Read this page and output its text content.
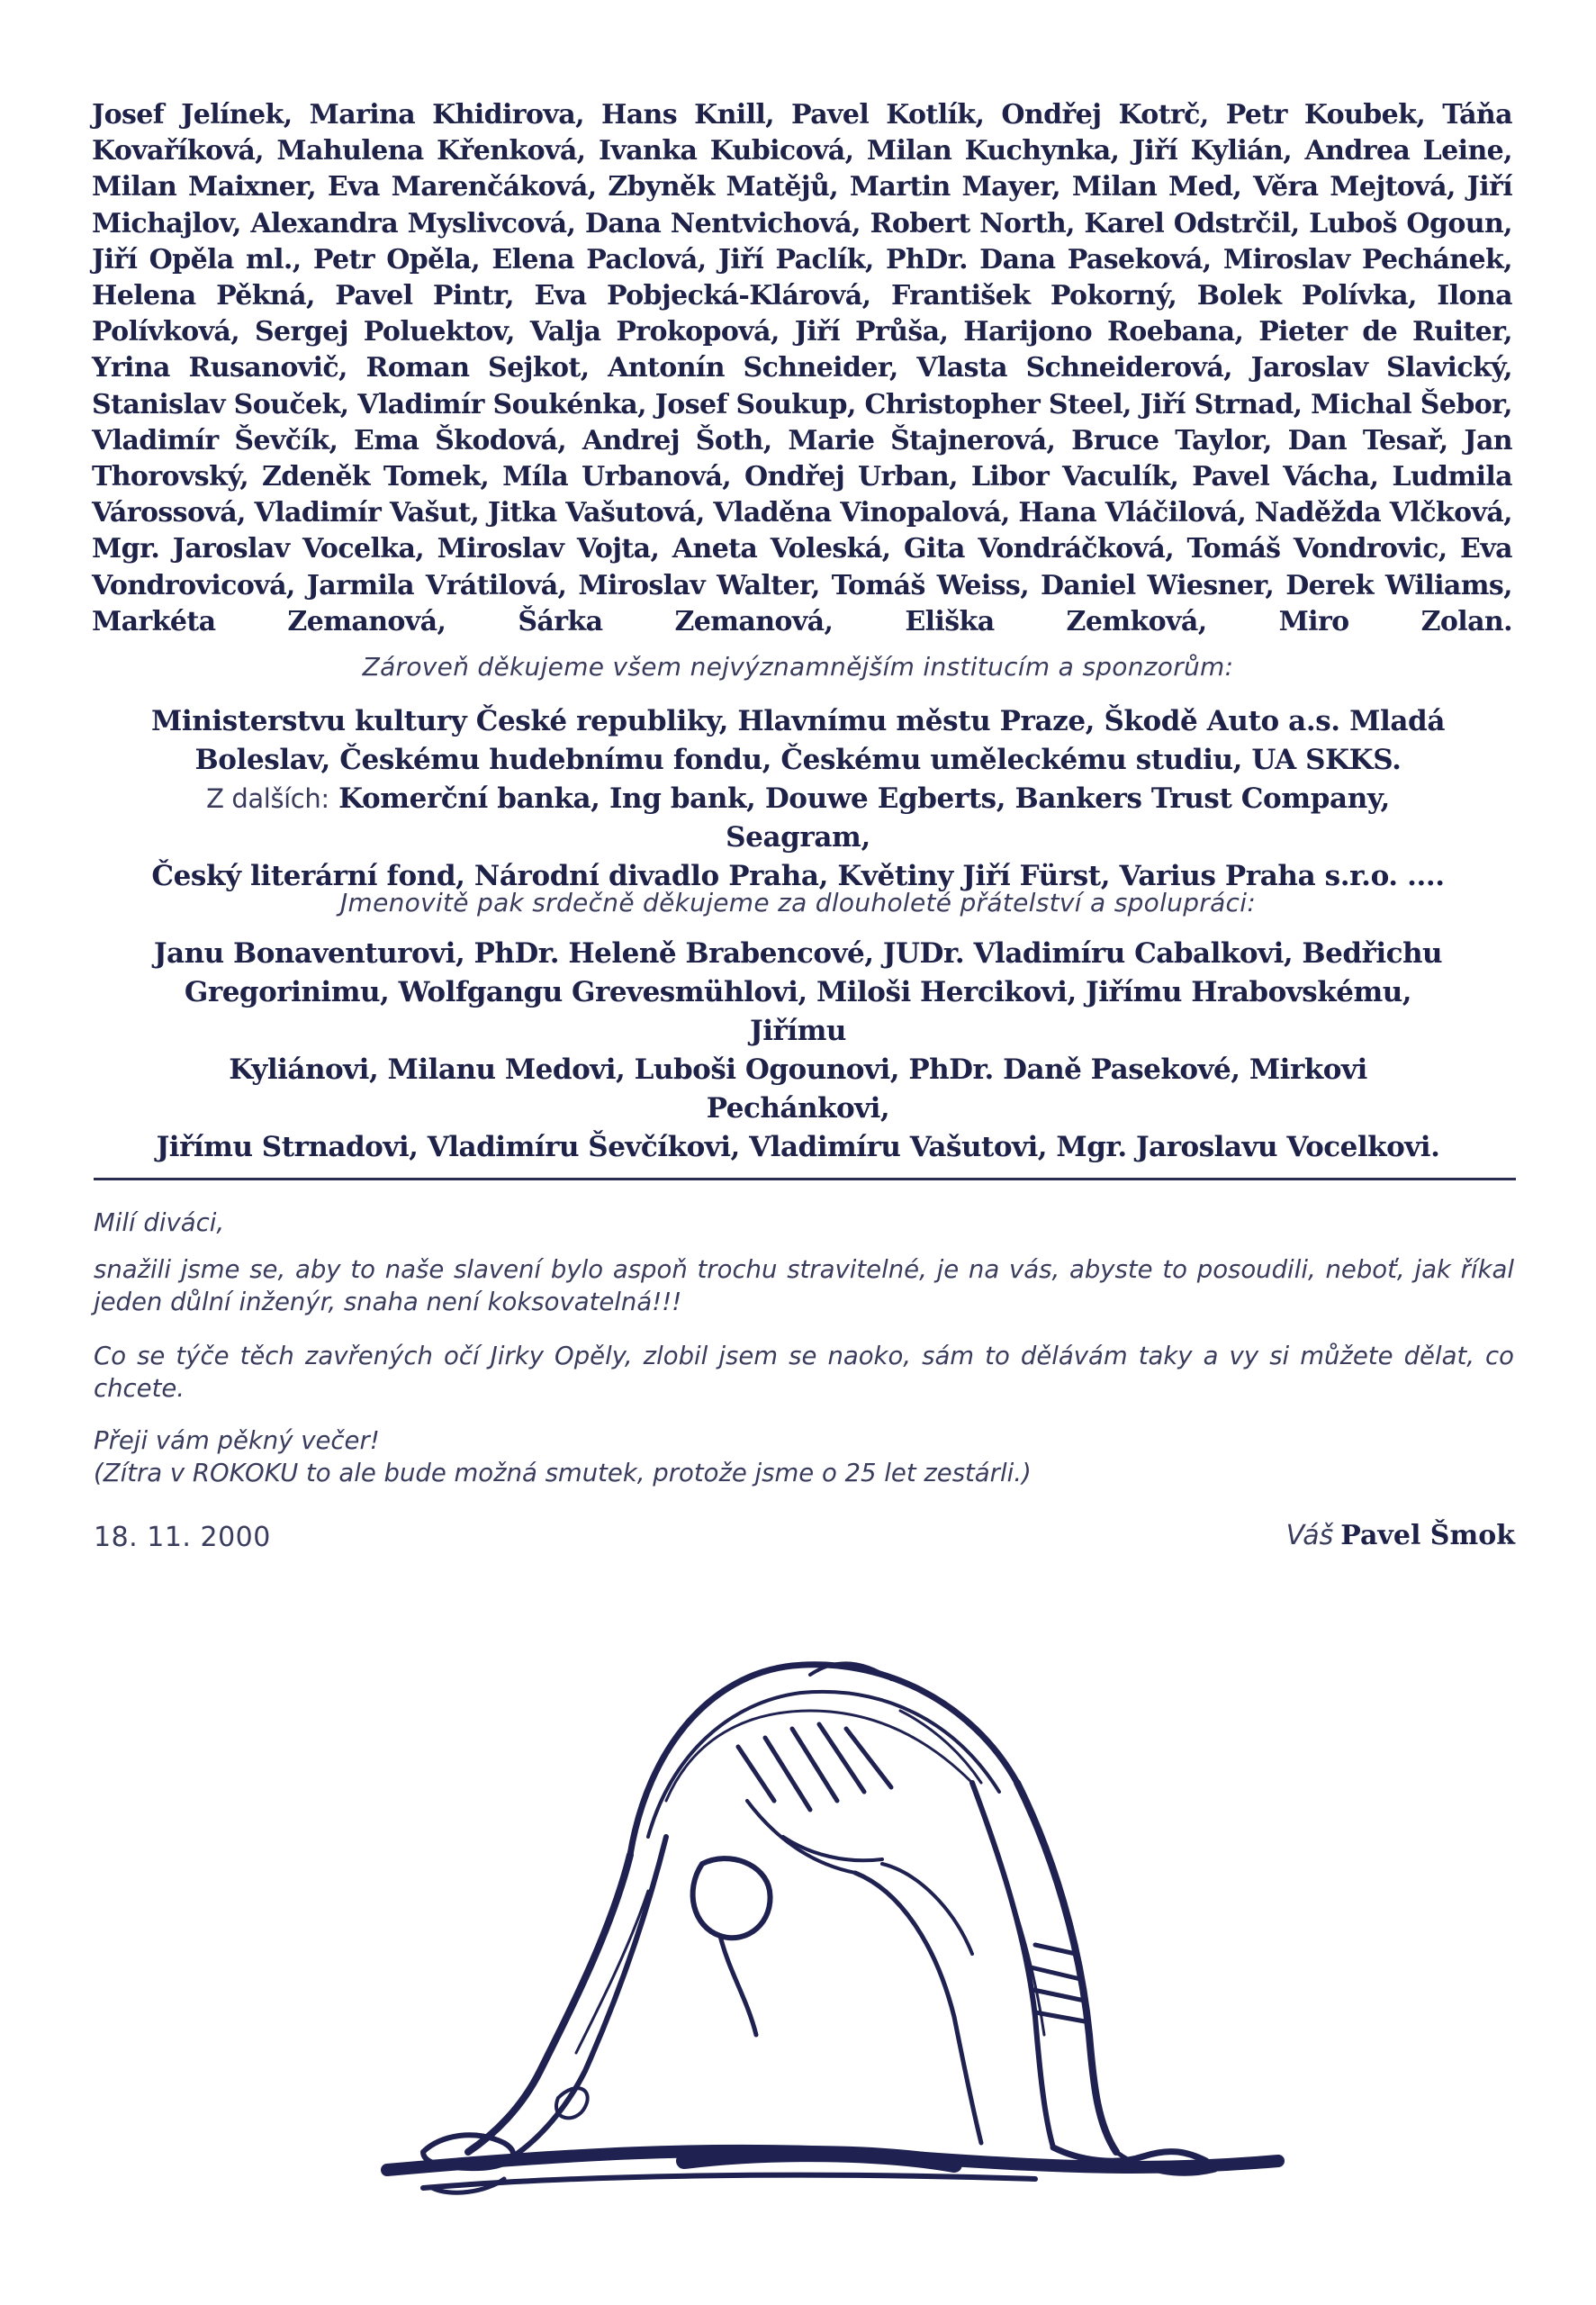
Josef Jelínek, Marina Khidirova, Hans Knill, Pavel Kotlík, Ondřej Kotrč, Petr Koubek, Táňa Kovaříková, Mahulena Křenková, Ivanka Kubicová, Milan Kuchynka, Jiří Kylián, Andrea Leine, Milan Maixner, Eva Marenčáková, Zbyněk Matějů, Martin Mayer, Milan Med, Věra Mejtová, Jiří Michajlov, Alexandra Myslivcová, Dana Nentvichová, Robert North, Karel Odstrčil, Luboš Ogoun, Jiří Opěla ml., Petr Opěla, Elena Paclová, Jiří Paclík, PhDr. Dana Paseková, Miroslav Pechánek, Helena Pěkná, Pavel Pintr, Eva Pobjecká-Klárová, František Pokorný, Bolek Polívka, Ilona Polívková, Sergej Poluektov, Valja Prokopová, Jiří Průša, Harijono Roebana, Pieter de Ruiter, Yrina Rusanovič, Roman Sejkot, Antonín Schneider, Vlasta Schneiderová, Jaroslav Slavický, Stanislav Souček, Vladimír Soukénka, Josef Soukup, Christopher Steel, Jiří Strnad, Michal Šebor, Vladimír Ševčík, Ema Škodová, Andrej Šoth, Marie Štajnerová, Bruce Taylor, Dan Tesař, Jan Thorovský, Zdeněk Tomek, Míla Urbanová, Ondřej Urban, Libor Vaculík, Pavel Vácha, Ludmila Várossová, Vladimír Vašut, Jitka Vašutová, Vladěna Vinopalová, Hana Vláčilová, Naděžda Vlčková, Mgr. Jaroslav Vocelka, Miroslav Vojta, Aneta Voleská, Gita Vondráčková, Tomáš Vondrovic, Eva Vondrovicová, Jarmila Vrátilová, Miroslav Walter, Tomáš Weiss, Daniel Wiesner, Derek Wiliams, Markéta Zemanová, Šárka Zemanová, Eliška Zemková, Miro Zolan.

Zároveň děkujeme všem nejvýznamnějším institucím a sponzorům:
Ministerstvu kultury České republiky, Hlavnímu městu Praze, Škodě Auto a.s. Mladá
Boleslav, Českému hudebnímu fondu, Českému uměleckému studiu, UA SKKS.
Z dalších: Komerční banka, Ing bank, Douwe Egberts, Bankers Trust Company, Seagram,
Český literární fond, Národní divadlo Praha, Květiny Jiří Fürst, Varius Praha s.r.o. ....
Jmenovitě pak srdečně děkujeme za dlouholeté přátelství a spolupráci:
Janu Bonaventurovi, PhDr. Heleně Brabencové, JUDr. Vladimíru Cabalkovi, Bedřichu
Gregorinimu, Wolfgangu Grevesmühlovi, Miloši Hercikovi, Jiřímu Hrabovskému, Jiřímu
Kyliánovi, Milanu Medovi, Luboši Ogounovi, PhDr. Daně Pasekové, Mirkovi Pechánkovi,
Jiřímu Strnadovi, Vladimíru Ševčíkovi, Vladimíru Vašutovi, Mgr. Jaroslavu Vocelkovi.
Milí diváci,
snažili jsme se, aby to naše slavení bylo aspoň trochu stravitelné, je na vás, abyste to posoudili, neboť, jak říkal jeden důlní inženýr, snaha není koksovatelná!!!
Co se týče těch zavřených očí Jirky Opěly, zlobil jsem se naoko, sám to dělávám taky a vy si můžete dělat, co chcete.
Přeji vám pěkný večer!
(Zítra v ROKOKU to ale bude možná smutek, protože jsme o 25 let zestárli.)
18. 11. 2000	Váš Pavel Šmok
